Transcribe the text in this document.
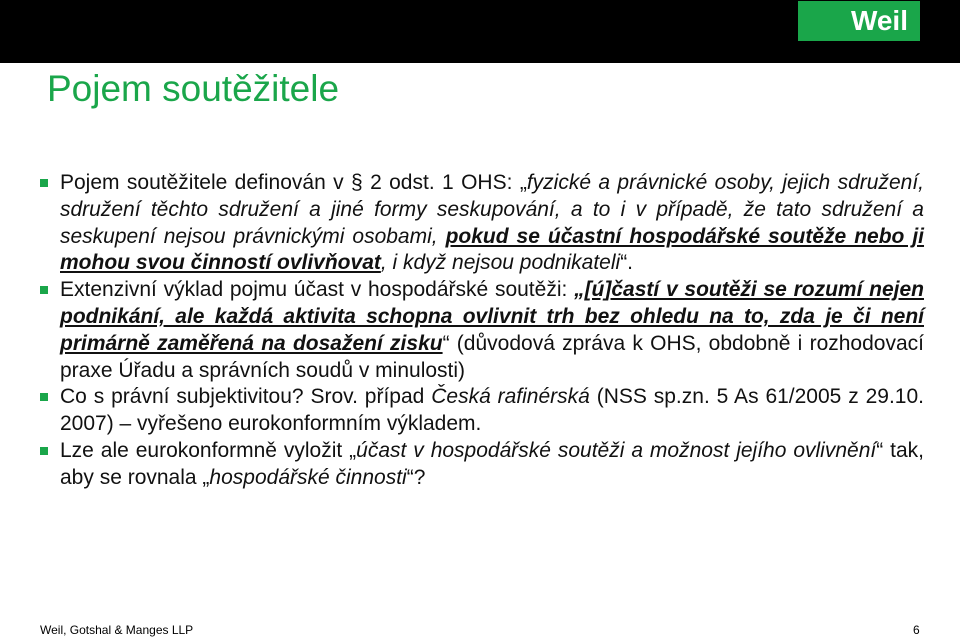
Weil
Pojem soutěžitele
Pojem soutěžitele definován v § 2 odst. 1 OHS: „fyzické a právnické osoby, jejich sdružení, sdružení těchto sdružení a jiné formy seskupování, a to i v případě, že tato sdružení a seskupení nejsou právnickými osobami, pokud se účastní hospodářské soutěže nebo ji mohou svou činností ovlivňovat, i když nejsou podnikateli“.
Extenzivní výklad pojmu účast v hospodářské soutěži: „[ú]častí v soutěži se rozumí nejen podnikání, ale každá aktivita schopna ovlivnit trh bez ohledu na to, zda je či není primárně zaměřená na dosažení zisku“ (důvodová zpráva k OHS, obdobně i rozhodovací praxe Úřadu a správních soudů v minulosti)
Co s právní subjektivitou? Srov. případ Česká rafinérská (NSS sp.zn. 5 As 61/2005 z 29.10. 2007) – vyřešeno eurokonformním výkladem.
Lze ale eurokonformně vyložit „účast v hospodářské soutěži a možnost jejího ovlivnění“ tak, aby se rovnala „hospodářské činnosti“?
Weil, Gotshal & Manges LLP	6
